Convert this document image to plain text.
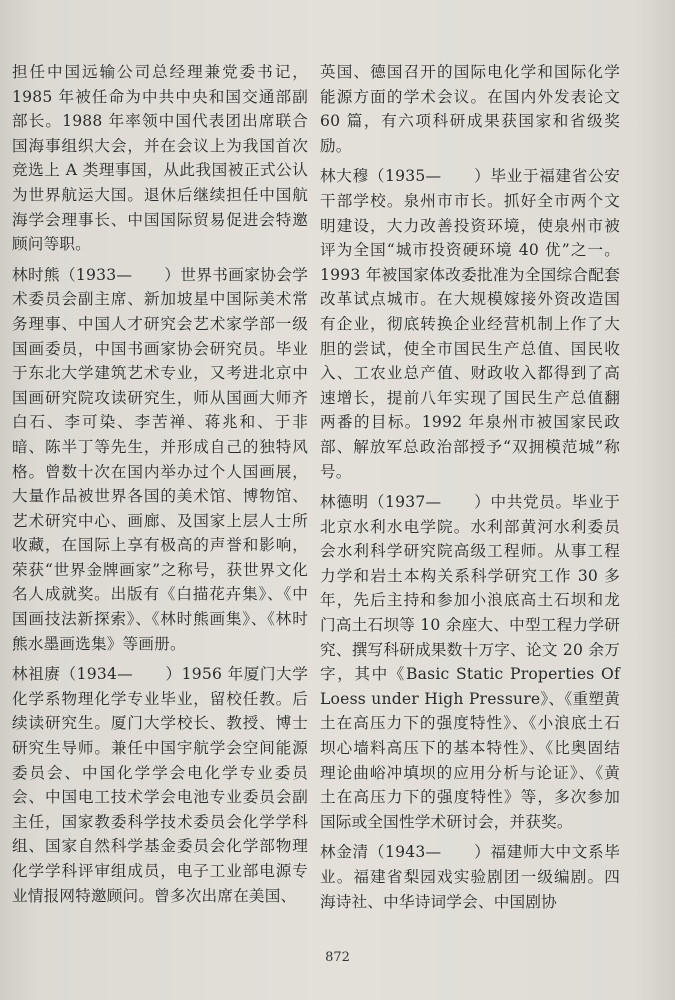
担任中国远输公司总经理兼党委书记，1985 年被任命为中共中央和国交通部副部长。1988 年率领中国代表团出席联合国海事组织大会，并在会议上为我国首次竞选上 A 类理事国，从此我国被正式公认为世界航运大国。退休后继续担任中国航海学会理事长、中国国际贸易促进会特邀顾问等职。

林时熊（1933—　　）世界书画家协会学术委员会副主席、新加坡星中国际美术常务理事、中国人才研究会艺术家学部一级国画委员，中国书画家协会研究员。毕业于东北大学建筑艺术专业，又考进北京中国画研究院攻读研究生，师从国画大师齐白石、李可染、李苦禅、蒋兆和、于非暗、陈半丁等先生，并形成自己的独特风格。曾数十次在国内举办过个人国画展，大量作品被世界各国的美术馆、博物馆、艺术研究中心、画廊、及国家上层人士所收藏，在国际上享有极高的声誉和影响，荣获“世界金牌画家”之称号，获世界文化名人成就奖。出版有《白描花卉集》、《中国画技法新探索》、《林时熊画集》、《林时熊水墨画选集》等画册。

林祖赓（1934—　　）1956 年厦门大学化学系物理化学专业毕业，留校任教。后续读研究生。厦门大学校长、教授、博士研究生导师。兼任中国宇航学会空间能源委员会、中国化学学会电化学专业委员会、中国电工技术学会电池专业委员会副主任，国家教委科学技术委员会化学学科组、国家自然科学基金委员会化学部物理化学学科评审组成员，电子工业部电源专业情报网特邀顾问。曾多次出席在美国、

英国、德国召开的国际电化学和国际化学能源方面的学术会议。在国内外发表论文 60 篇，有六项科研成果获国家和省级奖励。

林大穆（1935—　　）毕业于福建省公安干部学校。泉州市市长。抓好全市两个文明建设，大力改善投资环境，使泉州市被评为全国“城市投资硬环境 40 优”之一。1993 年被国家体改委批准为全国综合配套改革试点城市。在大规模嫁接外资改造国有企业，彻底转换企业经营机制上作了大胆的尝试，使全市国民生产总值、国民收入、工农业总产值、财政收入都得到了高速增长，提前八年实现了国民生产总值翻两番的目标。1992 年泉州市被国家民政部、解放军总政治部授予“双拥模范城”称号。

林德明（1937—　　）中共党员。毕业于北京水利水电学院。水利部黄河水利委员会水利科学研究院高级工程师。从事工程力学和岩土本构关系科学研究工作 30 多年，先后主持和参加小浪底高土石坝和龙门高土石坝等 10 余座大、中型工程力学研究、撰写科研成果数十万字、论文 20 余万字，其中《Basic Static Properties Of Loess under High Pressure》、《重塑黄土在高压力下的强度特性》、《小浪底土石坝心墙料高压下的基本特性》、《比奥固结理论曲峪冲填坝的应用分析与论证》、《黄土在高压力下的强度特性》等，多次参加国际或全国性学术研讨会，并获奖。

林金清（1943—　　）福建师大中文系毕业。福建省梨园戏实验剧团一级编剧。四海诗社、中华诗词学会、中国剧协

872
